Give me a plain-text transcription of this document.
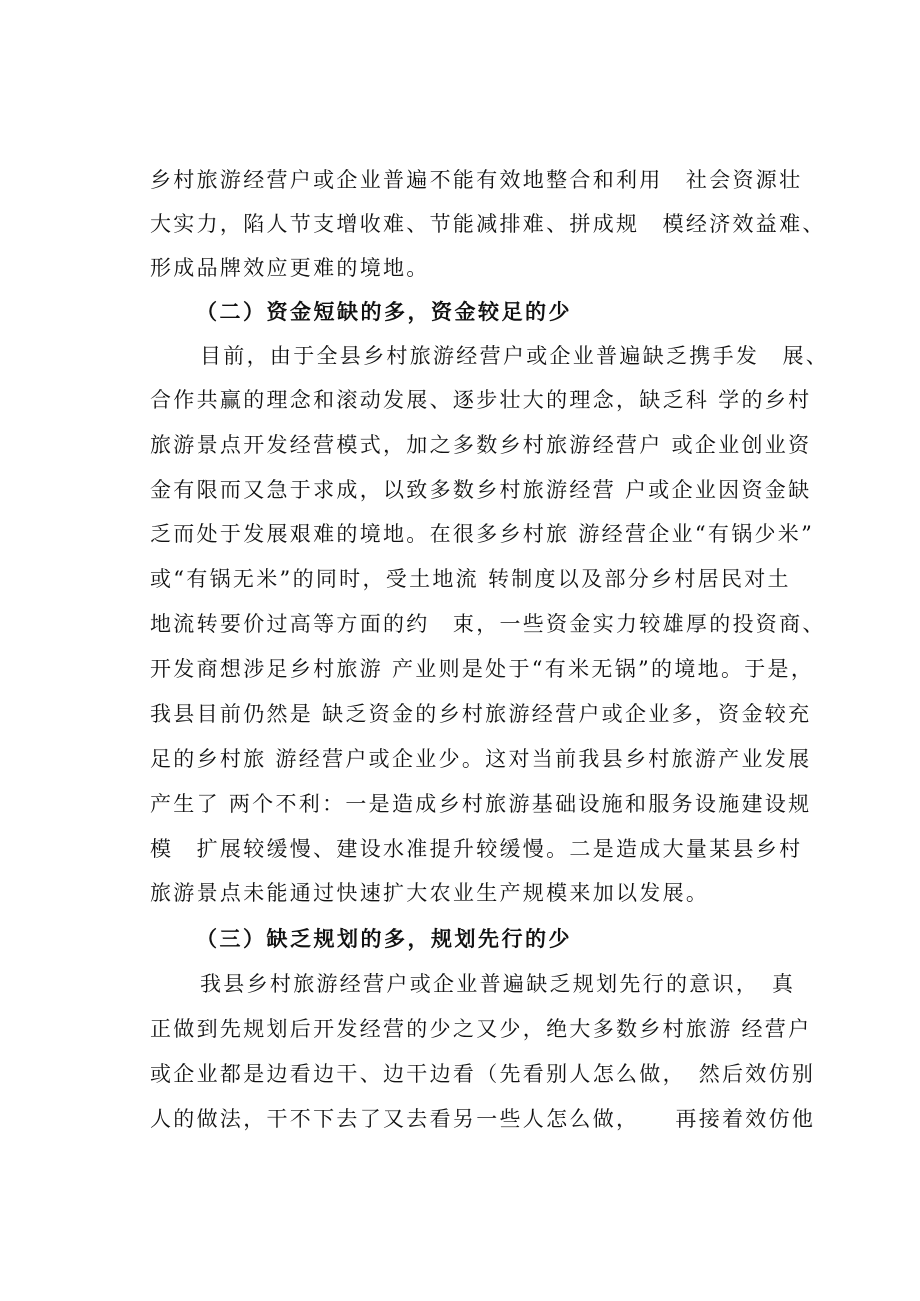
乡村旅游经营户或企业普遍不能有效地整合和利用　社会资源壮
大实力，陷人节支增收难、节能减排难、拼成规　模经济效益难、
形成品牌效应更难的境地。
（二）资金短缺的多，资金较足的少
目前，由于全县乡村旅游经营户或企业普遍缺乏携手发　展、
合作共赢的理念和滚动发展、逐步壮大的理念，缺乏科 学的乡村
旅游景点开发经营模式，加之多数乡村旅游经营户 或企业创业资
金有限而又急于求成，以致多数乡村旅游经营 户或企业因资金缺
乏而处于发展艰难的境地。在很多乡村旅 游经营企业“有锅少米”
或“有锅无米”的同时，受土地流 转制度以及部分乡村居民对土
地流转要价过高等方面的约　束，一些资金实力较雄厚的投资商、
开发商想涉足乡村旅游 产业则是处于“有米无锅”的境地。于是，
我县目前仍然是 缺乏资金的乡村旅游经营户或企业多，资金较充
足的乡村旅 游经营户或企业少。这对当前我县乡村旅游产业发展
产生了 两个不利：一是造成乡村旅游基础设施和服务设施建设规
模　扩展较缓慢、建设水准提升较缓慢。二是造成大量某县乡村
旅游景点未能通过快速扩大农业生产规模来加以发展。
（三）缺乏规划的多，规划先行的少
我县乡村旅游经营户或企业普遍缺乏规划先行的意识，　真
正做到先规划后开发经营的少之又少，绝大多数乡村旅游 经营户
或企业都是边看边干、边干边看（先看别人怎么做，　然后效仿别
人的做法，干不下去了又去看另一些人怎么做，　　再接着效仿他
